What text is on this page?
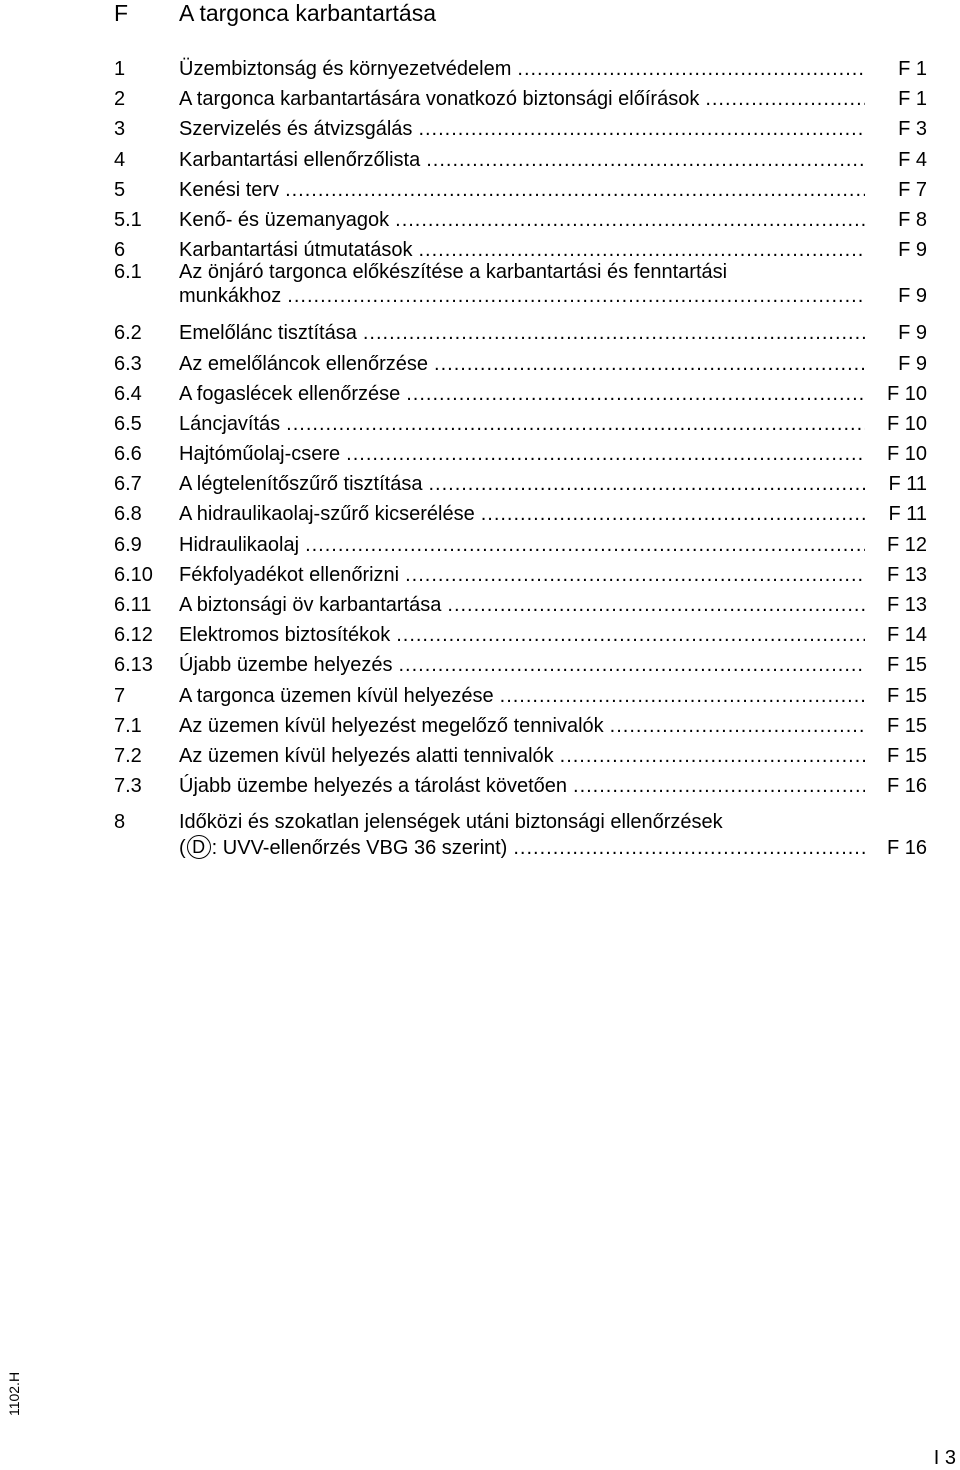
F A targonca karbantartása
1	Üzembiztonság és környezetvédelem .....	F 1
2	A targonca karbantartására vonatkozó biztonsági előírások .....	F 1
3	Szervizelés és átvizsgálás .....	F 3
4	Karbantartási ellenőrzőlista .....	F 4
5	Kenési terv .....	F 7
5.1 Kenő- és üzemanyagok .....	F 8
6	Karbantartási útmutatások .....	F 9
6.1 Az önjáró targonca előkészítése a karbantartási és fenntartási
munkákhoz .....	F 9
6.2 Emelőlánc tisztítása .....	F 9
6.3 Az emelőláncok ellenőrzése .....	F 9
6.4 A fogaslécek ellenőrzése .....	F 10
6.5 Láncjavítás .....	F 10
6.6 Hajtóműolaj-csere .....	F 10
6.7 A légtelenítőszűrő tisztítása .....	F 11
6.8 A hidraulikaolaj-szűrő kicserélése .....	F 11
6.9 Hidraulikaolaj .....	F 12
6.10 Fékfolyadékot ellenőrizni .....	F 13
6.11 A biztonsági öv karbantartása .....	F 13
6.12 Elektromos biztosítékok .....	F 14
6.13 Újabb üzembe helyezés .....	F 15
7	A targonca üzemen kívül helyezése .....	F 15
7.1 Az üzemen kívül helyezést megelőző tennivalók .....	F 15
7.2 Az üzemen kívül helyezés alatti tennivalók .....	F 15
7.3 Újabb üzembe helyezés a tárolást követően .....	F 16
8	Időközi és szokatlan jelenségek utáni biztonsági ellenőrzések
( D : UVV-ellenőrzés VBG 36 szerint) .....	F 16
1102.H
I 3
